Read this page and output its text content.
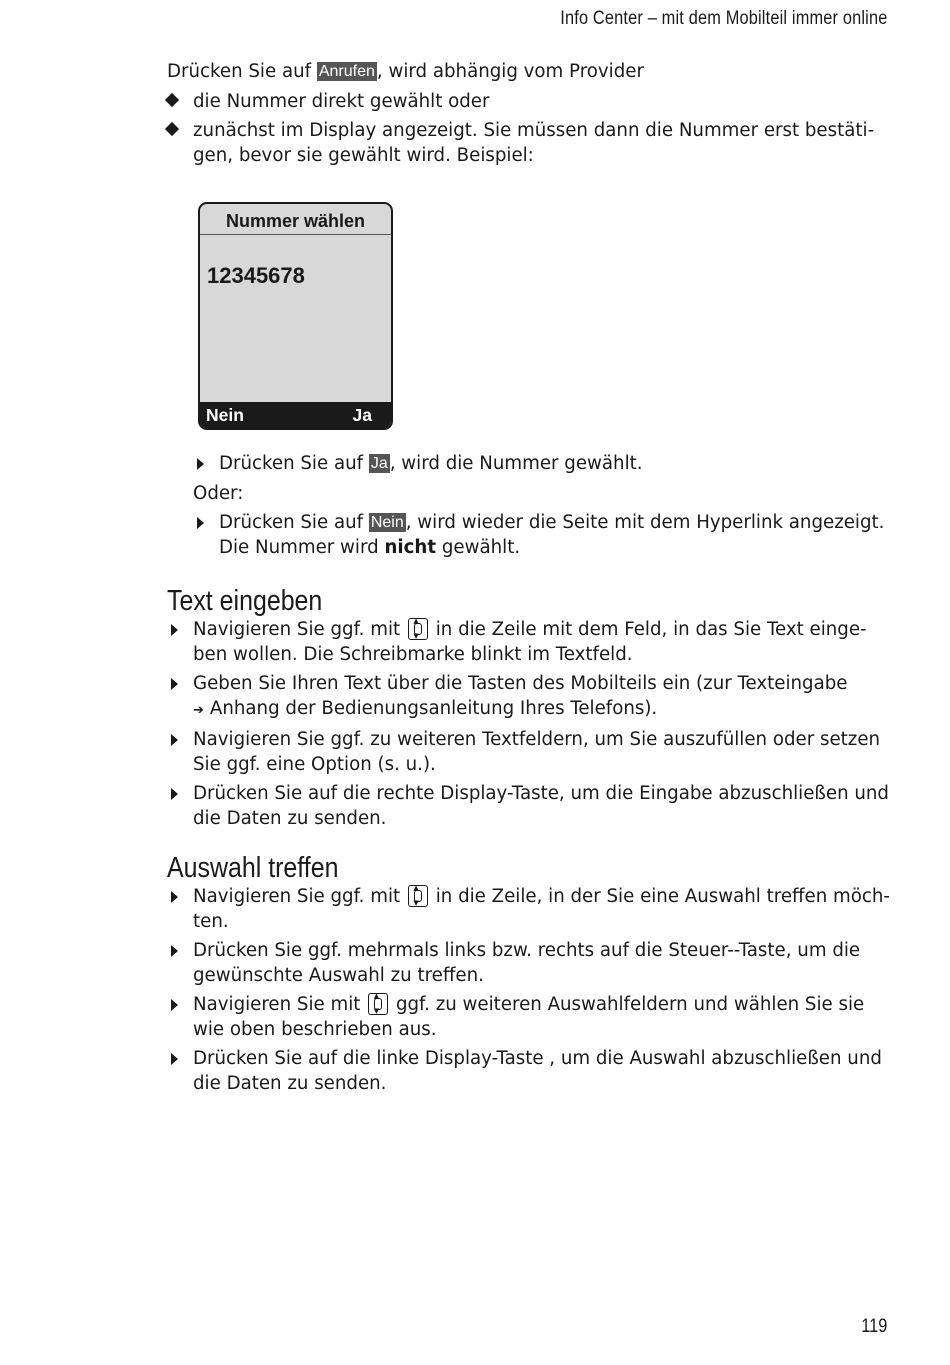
Info Center – mit dem Mobilteil immer online

Drücken Sie auf Anrufen , wird abhängig vom Provider

die Nummer direkt gewählt oder
zunächst im Display angezeigt. Sie müssen dann die Nummer erst bestäti-gen, bevor sie gewählt wird. Beispiel:
Nummer wählen
12345678
Nein	Ja
Drücken Sie auf Ja , wird die Nummer gewählt.

Oder:

Drücken Sie auf Nein , wird wieder die Seite mit dem Hyperlink angezeigt. Die Nummer wird nicht gewählt.
Text eingeben
Navigieren Sie ggf. mit ▼
▲ in die Zeile mit dem Feld, in das Sie Text einge-ben wollen. Die Schreibmarke blinkt im Textfeld.
Geben Sie Ihren Text über die Tasten des Mobilteils ein (zur Texteingabe
➔ Anhang der Bedienungsanleitung Ihres Telefons).
Navigieren Sie ggf. zu weiteren Textfeldern, um Sie auszufüllen oder setzen Sie ggf. eine Option (s. u.).
Drücken Sie auf die rechte Display-Taste, um die Eingabe abzuschließen und die Daten zu senden.
Auswahl treffen
Navigieren Sie ggf. mit ▼
▲ in die Zeile, in der Sie eine Auswahl treffen möch-ten.
Drücken Sie ggf. mehrmals links bzw. rechts auf die Steuer--Taste, um die gewünschte Auswahl zu treffen.
Navigieren Sie mit ▼
▲ ggf. zu weiteren Auswahlfeldern und wählen Sie sie wie oben beschrieben aus.
Drücken Sie auf die linke Display-Taste , um die Auswahl abzuschließen und die Daten zu senden.
119
